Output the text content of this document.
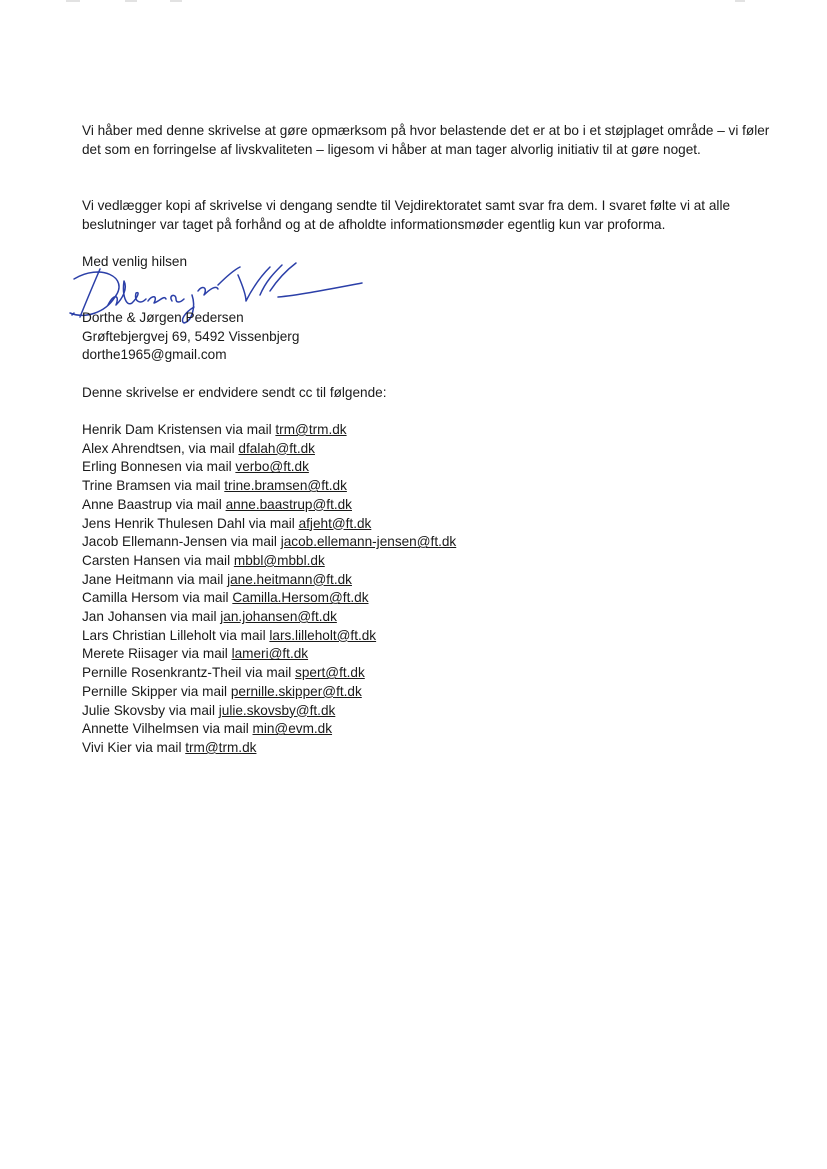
Vi håber med denne skrivelse at gøre opmærksom på hvor belastende det er at bo i et støjplaget område – vi føler det som en forringelse af livskvaliteten – ligesom vi håber at man tager alvorlig initiativ til at gøre noget.

Vi vedlægger kopi af skrivelse vi dengang sendte til Vejdirektoratet samt svar fra dem. I svaret følte vi at alle beslutninger var taget på forhånd og at de afholdte informationsmøder egentlig kun var proforma.

Med venlig hilsen
Dorthe & Jørgen Pedersen
Grøftebjergvej 69, 5492 Vissenbjerg
dorthe1965@gmail.com
Denne skrivelse er endvidere sendt cc til følgende:
Henrik Dam Kristensen via mail trm@trm.dk
Alex Ahrendtsen, via mail dfalah@ft.dk
Erling Bonnesen via mail verbo@ft.dk
Trine Bramsen via mail trine.bramsen@ft.dk
Anne Baastrup via mail anne.baastrup@ft.dk
Jens Henrik Thulesen Dahl via mail afjeht@ft.dk
Jacob Ellemann-Jensen via mail jacob.ellemann-jensen@ft.dk
Carsten Hansen via mail mbbl@mbbl.dk
Jane Heitmann via mail jane.heitmann@ft.dk
Camilla Hersom via mail Camilla.Hersom@ft.dk
Jan Johansen via mail jan.johansen@ft.dk
Lars Christian Lilleholt via mail lars.lilleholt@ft.dk
Merete Riisager via mail lameri@ft.dk
Pernille Rosenkrantz-Theil via mail spert@ft.dk
Pernille Skipper via mail pernille.skipper@ft.dk
Julie Skovsby via mail julie.skovsby@ft.dk
Annette Vilhelmsen via mail min@evm.dk
Vivi Kier via mail trm@trm.dk
